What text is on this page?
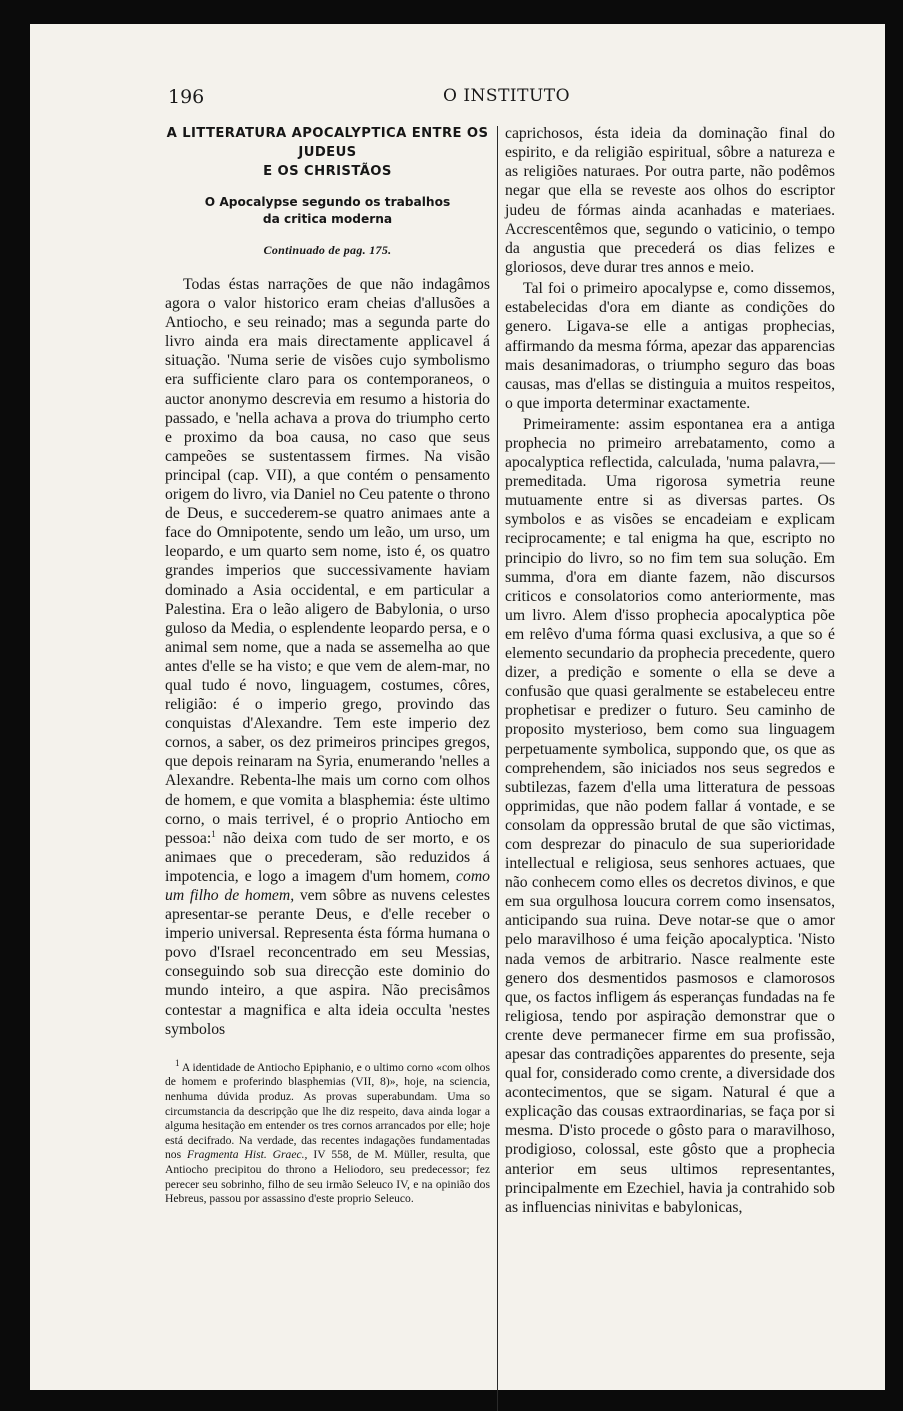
196	O INSTITUTO

A LITTERATURA APOCALYPTICA ENTRE OS JUDEUS

E OS CHRISTÃOS

O Apocalypse segundo os trabalhos
da critica moderna

Continuado de pag. 175.

Todas éstas narrações de que não indagâmos agora o valor historico eram cheias d'allusões a Antiocho, e seu reinado; mas a segunda parte do livro ainda era mais directamente applicavel á situação. 'Numa serie de visões cujo symbolismo era sufficiente claro para os contemporaneos, o auctor anonymo descrevia em resumo a historia do passado, e 'nella achava a prova do triumpho certo e proximo da boa causa, no caso que seus campeões se sustentassem firmes. Na visão principal (cap. VII), a que contém o pensamento origem do livro, via Daniel no Ceu patente o throno de Deus, e succederem-se quatro animaes ante a face do Omnipotente, sendo um leão, um urso, um leopardo, e um quarto sem nome, isto é, os quatro grandes imperios que successivamente haviam dominado a Asia occidental, e em particular a Palestina. Era o leão aligero de Babylonia, o urso guloso da Media, o esplendente leopardo persa, e o animal sem nome, que a nada se assemelha ao que antes d'elle se ha visto; e que vem de alem-mar, no qual tudo é novo, linguagem, costumes, côres, religião: é o imperio grego, provindo das conquistas d'Alexandre. Tem este imperio dez cornos, a saber, os dez primeiros principes gregos, que depois reinaram na Syria, enumerando 'nelles a Alexandre. Rebenta-lhe mais um corno com olhos de homem, e que vomita a blasphemia: éste ultimo corno, o mais terrivel, é o proprio Antiocho em pessoa:$^1$ não deixa com tudo de ser morto, e os animaes que o precederam, são reduzidos á impotencia, e logo a imagem d'um homem, como um filho de homem, vem sôbre as nuvens celestes apresentar-se perante Deus, e d'elle receber o imperio universal. Representa ésta fórma humana o povo d'Israel reconcentrado em seu Messias, conseguindo sob sua direcção este dominio do mundo inteiro, a que aspira. Não precisâmos contestar a magnifica e alta ideia occulta 'nestes symbolos

$^1$ A identidade de Antiocho Epiphanio, e o ultimo corno «com olhos de homem e proferindo blasphemias (VII, 8)», hoje, na sciencia, nenhuma dúvida produz. As provas superabundam. Uma so circumstancia da descripção que lhe diz respeito, dava ainda logar a alguma hesitação em entender os tres cornos arrancados por elle; hoje está decifrado. Na verdade, das recentes indagações fundamentadas nos Fragmenta Hist. Graec., IV 558, de M. Müller, resulta, que Antiocho precipitou do throno a Heliodoro, seu predecessor; fez perecer seu sobrinho, filho de seu irmão Seleuco IV, e na opinião dos Hebreus, passou por assassino d'este proprio Seleuco.

caprichosos, ésta ideia da dominação final do espirito, e da religião espiritual, sôbre a natureza e as religiões naturaes. Por outra parte, não podêmos negar que ella se reveste aos olhos do escriptor judeu de fórmas ainda acanhadas e materiaes. Accrescentêmos que, segundo o vaticinio, o tempo da angustia que precederá os dias felizes e gloriosos, deve durar tres annos e meio.

Tal foi o primeiro apocalypse e, como dissemos, estabelecidas d'ora em diante as condições do genero. Ligava-se elle a antigas prophecias, affirmando da mesma fórma, apezar das apparencias mais desanimadoras, o triumpho seguro das boas causas, mas d'ellas se distinguia a muitos respeitos, o que importa determinar exactamente.

Primeiramente: assim espontanea era a antiga prophecia no primeiro arrebatamento, como a apocalyptica reflectida, calculada, 'numa palavra,— premeditada. Uma rigorosa symetria reune mutuamente entre si as diversas partes. Os symbolos e as visões se encadeiam e explicam reciprocamente; e tal enigma ha que, escripto no principio do livro, so no fim tem sua solução. Em summa, d'ora em diante fazem, não discursos criticos e consolatorios como anteriormente, mas um livro. Alem d'isso prophecia apocalyptica põe em relêvo d'uma fórma quasi exclusiva, a que so é elemento secundario da prophecia precedente, quero dizer, a predição e somente o ella se deve a confusão que quasi geralmente se estabeleceu entre prophetisar e predizer o futuro. Seu caminho de proposito mysterioso, bem como sua linguagem perpetuamente symbolica, suppondo que, os que as comprehendem, são iniciados nos seus segredos e subtilezas, fazem d'ella uma litteratura de pessoas opprimidas, que não podem fallar á vontade, e se consolam da oppressão brutal de que são victimas, com desprezar do pinaculo de sua superioridade intellectual e religiosa, seus senhores actuaes, que não conhecem como elles os decretos divinos, e que em sua orgulhosa loucura correm como insensatos, anticipando sua ruina. Deve notar-se que o amor pelo maravilhoso é uma feição apocalyptica. 'Nisto nada vemos de arbitrario. Nasce realmente este genero dos desmentidos pasmosos e clamorosos que, os factos infligem ás esperanças fundadas na fe religiosa, tendo por aspiração demonstrar que o crente deve permanecer firme em sua profissão, apesar das contradições apparentes do presente, seja qual for, considerado como crente, a diversidade dos acontecimentos, que se sigam. Natural é que a explicação das cousas extraordinarias, se faça por si mesma. D'isto procede o gôsto para o maravilhoso, prodigioso, colossal, este gôsto que a prophecia anterior em seus ultimos representantes, principalmente em Ezechiel, havia ja contrahido sob as influencias ninivitas e babylonicas,
